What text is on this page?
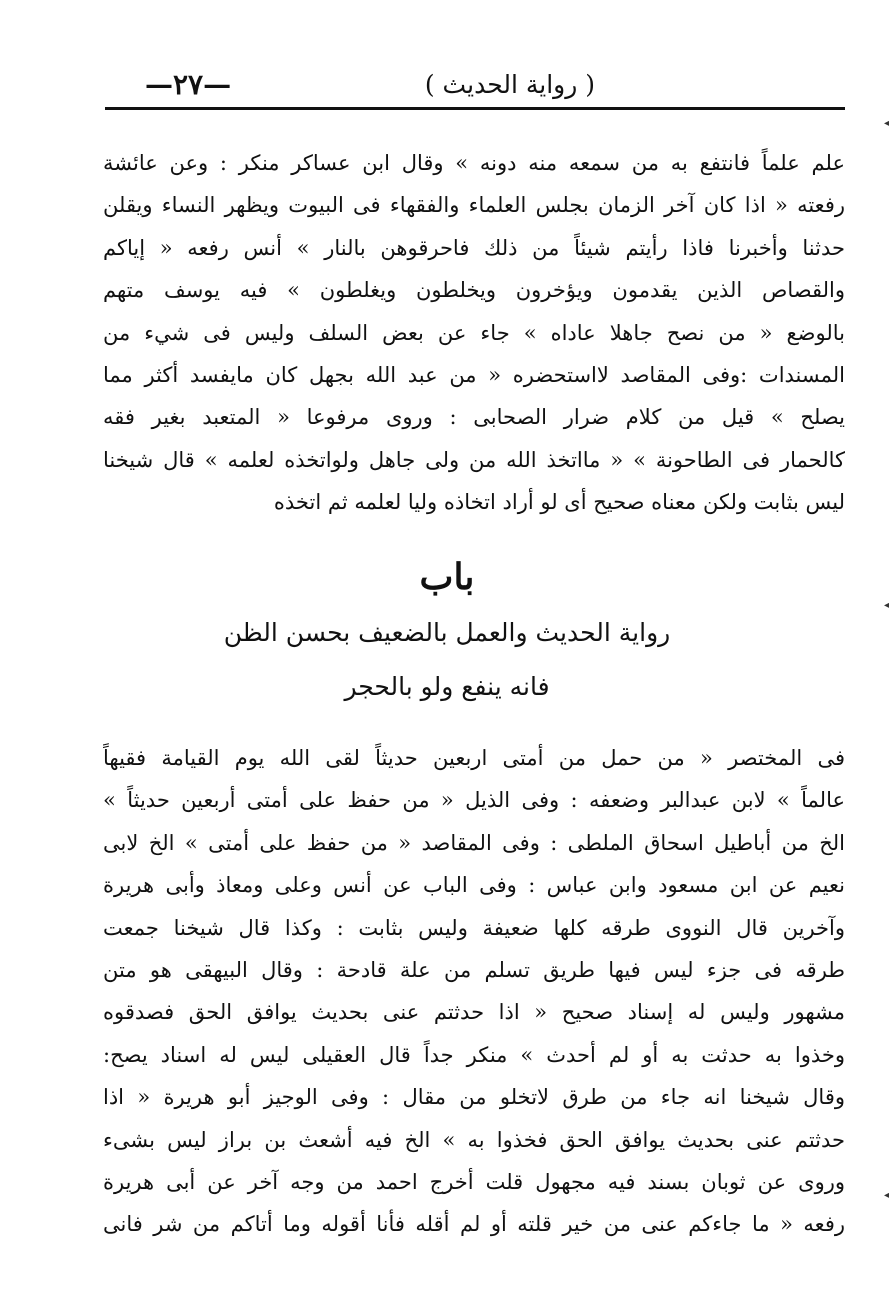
( رواية الحديث )
—٢٧—
علم علماً فانتفع به من سمعه منه دونه » وقال ابن عساكر منكر : وعن عائشة
رفعته « اذا كان آخر الزمان بجلس العلماء والفقهاء فى البيوت ويظهر النساء ويقلن
حدثنا وأخبرنا فاذا رأيتم شيئاً من ذلك فاحرقوهن بالنار » أنس رفعه « إياكم
والقصاص الذين يقدمون ويؤخرون ويخلطون ويغلطون » فيه يوسف متهم
بالوضع « من نصح جاهلا عاداه » جاء عن بعض السلف وليس فى شيء من
المسندات :وفى المقاصد لااستحضره « من عبد الله بجهل كان مايفسد أكثر مما
يصلح » قيل من كلام ضرار الصحابى : وروى مرفوعا « المتعبد بغير فقه
كالحمار فى الطاحونة » « مااتخذ الله من ولى جاهل ولواتخذه لعلمه » قال شيخنا
ليس بثابت ولكن معناه صحيح أى لو أراد اتخاذه وليا لعلمه ثم اتخذه
باب
رواية الحديث والعمل بالضعيف بحسن الظن
فانه ينفع ولو بالحجر
فى المختصر « من حمل من أمتى اربعين حديثاً لقى الله يوم القيامة فقيهاً
عالماً » لابن عبدالبر وضعفه : وفى الذيل « من حفظ على أمتى أربعين حديثاً »
الخ من أباطيل اسحاق الملطى : وفى المقاصد « من حفظ على أمتى » الخ لابى
نعيم عن ابن مسعود وابن عباس : وفى الباب عن أنس وعلى ومعاذ وأبى هريرة
وآخرين قال النووى طرقه كلها ضعيفة وليس بثابت : وكذا قال شيخنا جمعت
طرقه فى جزء ليس فيها طريق تسلم من علة قادحة : وقال البيهقى هو متن
مشهور وليس له إسناد صحيح « اذا حدثتم عنى بحديث يوافق الحق فصدقوه
وخذوا به حدثت به أو لم أحدث » منكر جداً قال العقيلى ليس له اسناد يصح:
وقال شيخنا انه جاء من طرق لاتخلو من مقال : وفى الوجيز أبو هريرة « اذا
حدثتم عنى بحديث يوافق الحق فخذوا به » الخ فيه أشعث بن براز ليس بشىء
وروى عن ثوبان بسند فيه مجهول قلت أخرج احمد من وجه آخر عن أبى هريرة
رفعه « ما جاءكم عنى من خير قلته أو لم أقله فأنا أقوله وما أتاكم من شر فانى
◂
◂
◂
